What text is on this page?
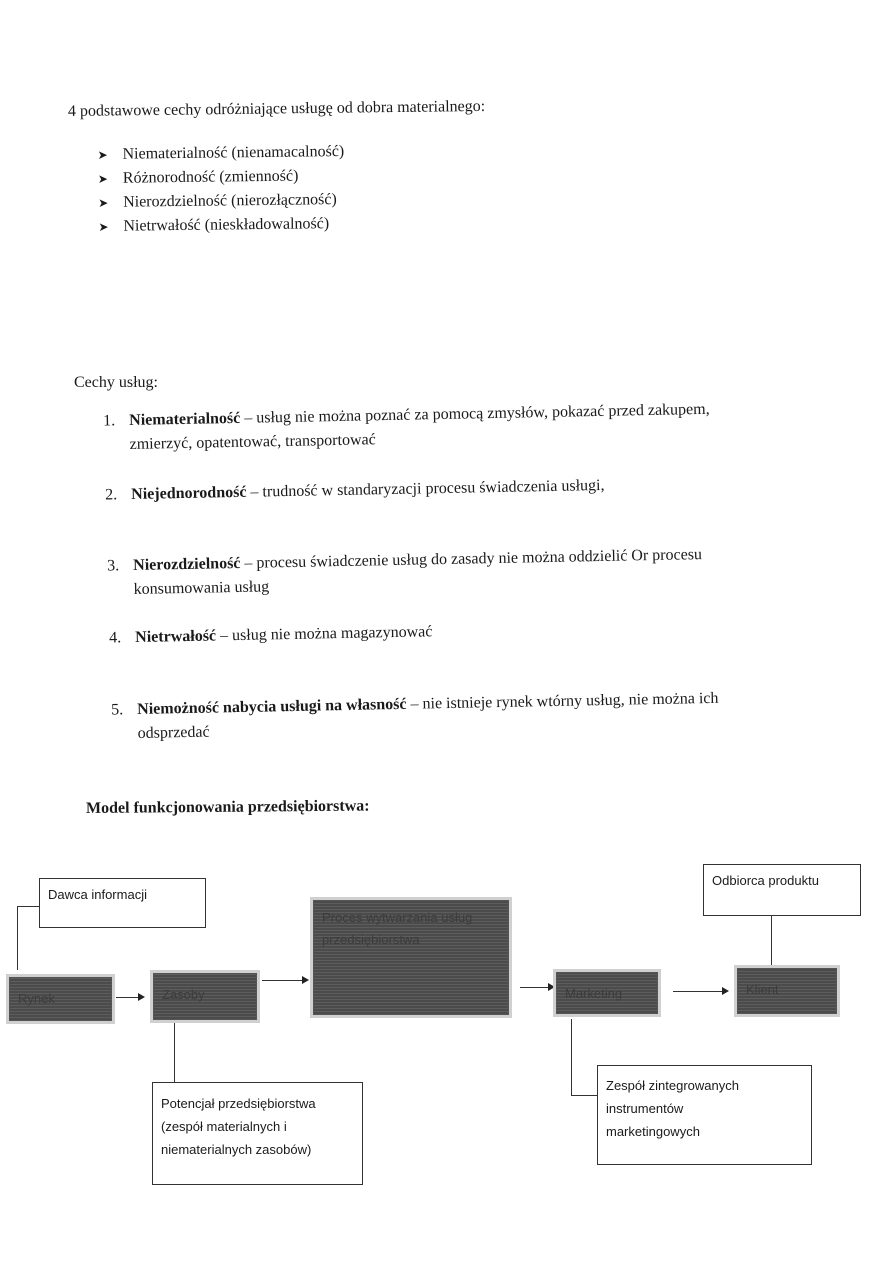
4 podstawowe cechy odróżniające usługę od dobra materialnego:
➤ Niematerialność (nienamacalność)
➤ Różnorodność (zmienność)
➤ Nierozdzielność (nierozłączność)
➤ Nietrwałość (nieskładowalność)
Cechy usług:
1. Niematerialność – usług nie można poznać za pomocą zmysłów, pokazać przed zakupem, zmierzyć, opatentować, transportować
2. Niejednorodność – trudność w standaryzacji procesu świadczenia usługi,
3. Nierozdzielność – procesu świadczenie usług do zasady nie można oddzielić Or procesu konsumowania usług
4. Nietrwałość – usług nie można magazynować
5. Niemożność nabycia usługi na własność – nie istnieje rynek wtórny usług, nie można ich odsprzedać
Model funkcjonowania przedsiębiorstwa:
Dawca informacji
Odbiorca produktu
Potencjał przedsiębiorstwa
(zespół materialnych i
niematerialnych zasobów)
Zespół zintegrowanych
instrumentów
marketingowych
Rynek	Zasoby
Proces wytwarzania usług przedsiębiorstwa
Marketing	Klient
